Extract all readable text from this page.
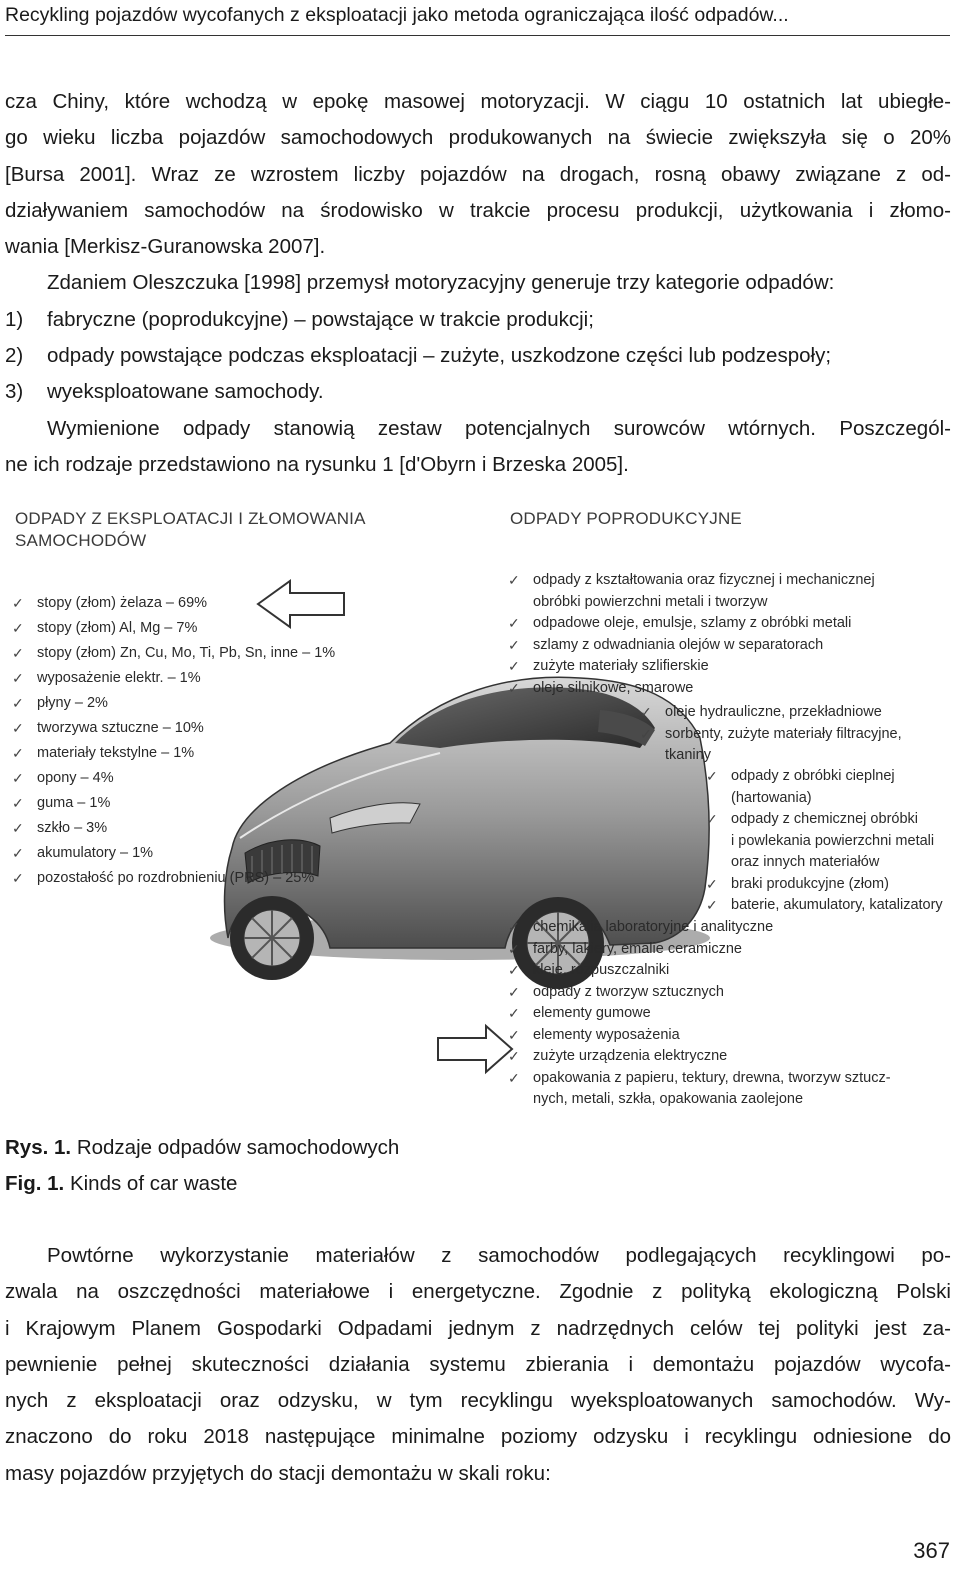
Recykling pojazdów wycofanych z eksploatacji jako metoda ograniczająca ilość odpadów...
cza Chiny, które wchodzą w epokę masowej motoryzacji. W ciągu 10 ostatnich lat ubiegłe-
go wieku liczba pojazdów samochodowych produkowanych na świecie zwiększyła się o 20%
[Bursa 2001]. Wraz ze wzrostem liczby pojazdów na drogach, rosną obawy związane z od-
działywaniem samochodów na środowisko w trakcie procesu produkcji, użytkowania i złomo-
wania [Merkisz-Guranowska 2007].
Zdaniem Oleszczuka [1998] przemysł motoryzacyjny generuje trzy kategorie odpadów:
1)	fabryczne (poprodukcyjne) – powstające w trakcie produkcji;
2)	odpady powstające podczas eksploatacji – zużyte, uszkodzone części lub podzespoły;
3)	wyeksploatowane samochody.
Wymienione odpady stanowią zestaw potencjalnych surowców wtórnych. Poszczegól-
ne ich rodzaje przedstawiono na rysunku 1 [d'Obyrn i Brzeska 2005].
ODPADY Z EKSPLOATACJI I ZŁOMOWANIA
SAMOCHODÓW
ODPADY POPRODUKCYJNE
✓ stopy (złom) żelaza – 69%
✓ stopy (złom) Al, Mg – 7%
✓ stopy (złom) Zn, Cu, Mo, Ti, Pb, Sn, inne – 1%
✓ wyposażenie elektr. – 1%
✓ płyny – 2%
✓ tworzywa sztuczne – 10%
✓ materiały tekstylne – 1%
✓ opony – 4%
✓ guma – 1%
✓ szkło – 3%
✓ akumulatory – 1%
✓ pozostałość po rozdrobnieniu (PRS) – 25%
✓ odpady z kształtowania oraz fizycznej i mechanicznej
obróbki powierzchni metali i tworzyw
✓ odpadowe oleje, emulsje, szlamy z obróbki metali
✓ szlamy z odwadniania olejów w separatorach
✓ zużyte materiały szlifierskie
✓ oleje silnikowe, smarowe
✓ oleje hydrauliczne, przekładniowe
✓ sorbenty, zużyte materiały filtracyjne,
tkaniny
✓ odpady z obróbki cieplnej
(hartowania)
✓ odpady z chemicznej obróbki
i powlekania powierzchni metali
oraz innych materiałów
✓ braki produkcyjne (złom)
✓ baterie, akumulatory, katalizatory
✓ chemikalia laboratoryjne i analityczne
✓ farby, lakiery, emalie ceramiczne
✓ kleje, rozpuszczalniki
✓ odpady z tworzyw sztucznych
✓ elementy gumowe
✓ elementy wyposażenia
✓ zużyte urządzenia elektryczne
✓ opakowania z papieru, tektury, drewna, tworzyw sztucz-
nych, metali, szkła, opakowania zaolejone
Rys. 1. Rodzaje odpadów samochodowych
Fig. 1. Kinds of car waste
Powtórne wykorzystanie materiałów z samochodów podlegających recyklingowi po-
zwala na oszczędności materiałowe i energetyczne. Zgodnie z polityką ekologiczną Polski
i Krajowym Planem Gospodarki Odpadami jednym z nadrzędnych celów tej polityki jest za-
pewnienie pełnej skuteczności działania systemu zbierania i demontażu pojazdów wycofa-
nych z eksploatacji oraz odzysku, w tym recyklingu wyeksploatowanych samochodów. Wy-
znaczono do roku 2018 następujące minimalne poziomy odzysku i recyklingu odniesione do
masy pojazdów przyjętych do stacji demontażu w skali roku:
367
